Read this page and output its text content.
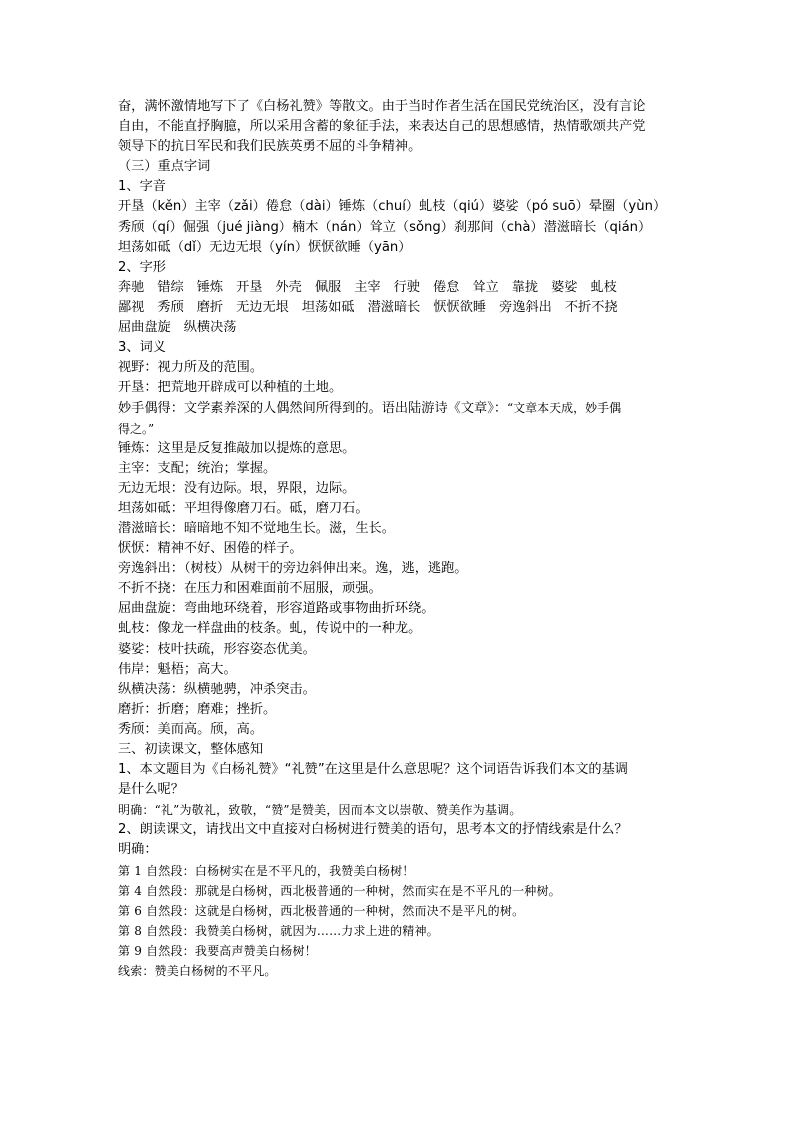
奋，满怀激情地写下了《白杨礼赞》等散文。由于当时作者生活在国民党统治区，没有言论
自由，不能直抒胸臆，所以采用含蓄的象征手法，来表达自己的思想感情，热情歌颂共产党
领导下的抗日军民和我们民族英勇不屈的斗争精神。
（三）重点字词
1、字音
开垦（kěn）主宰（zǎi）倦怠（dài）锤炼（chuí）虬枝（qiú）婆娑（pó suō）晕圈（yùn）
秀颀（qí）倔强（jué jiàng）楠木（nán）耸立（sǒng）刹那间（chà）潜滋暗长（qián）
坦荡如砥（dǐ）无边无垠（yín）恹恹欲睡（yān）
2、字形
奔驰 错综 锤炼 开垦 外壳 佩服 主宰 行驶 倦怠 耸立 靠拢 婆娑 虬枝
鄙视 秀颀 磨折 无边无垠 坦荡如砥 潜滋暗长 恹恹欲睡 旁逸斜出 不折不挠
屈曲盘旋 纵横决荡
3、词义
视野：视力所及的范围。
开垦：把荒地开辟成可以种植的土地。
妙手偶得：文学素养深的人偶然间所得到的。语出陆游诗《文章》：“文章本天成，妙手偶
得之。”
锤炼：这里是反复推敲加以提炼的意思。
主宰：支配；统治；掌握。
无边无垠：没有边际。垠，界限，边际。
坦荡如砥：平坦得像磨刀石。砥，磨刀石。
潜滋暗长：暗暗地不知不觉地生长。滋，生长。
恹恹：精神不好、困倦的样子。
旁逸斜出：（树枝）从树干的旁边斜伸出来。逸，逃，逃跑。
不折不挠：在压力和困难面前不屈服，顽强。
屈曲盘旋：弯曲地环绕着，形容道路或事物曲折环绕。
虬枝：像龙一样盘曲的枝条。虬，传说中的一种龙。
婆娑：枝叶扶疏，形容姿态优美。
伟岸：魁梧；高大。
纵横决荡：纵横驰骋，冲杀突击。
磨折：折磨；磨难；挫折。
秀颀：美而高。颀，高。
三、初读课文，整体感知
1、本文题目为《白杨礼赞》“礼赞”在这里是什么意思呢？这个词语告诉我们本文的基调
是什么呢？
明确：“礼”为敬礼，致敬，“赞”是赞美，因而本文以崇敬、赞美作为基调。
2、朗读课文，请找出文中直接对白杨树进行赞美的语句，思考本文的抒情线索是什么？
明确：
第 1 自然段：白杨树实在是不平凡的，我赞美白杨树！
第 4 自然段：那就是白杨树，西北极普通的一种树，然而实在是不平凡的一种树。
第 6 自然段：这就是白杨树，西北极普通的一种树，然而决不是平凡的树。
第 8 自然段：我赞美白杨树，就因为……力求上进的精神。
第 9 自然段：我要高声赞美白杨树！
线索：赞美白杨树的不平凡。
